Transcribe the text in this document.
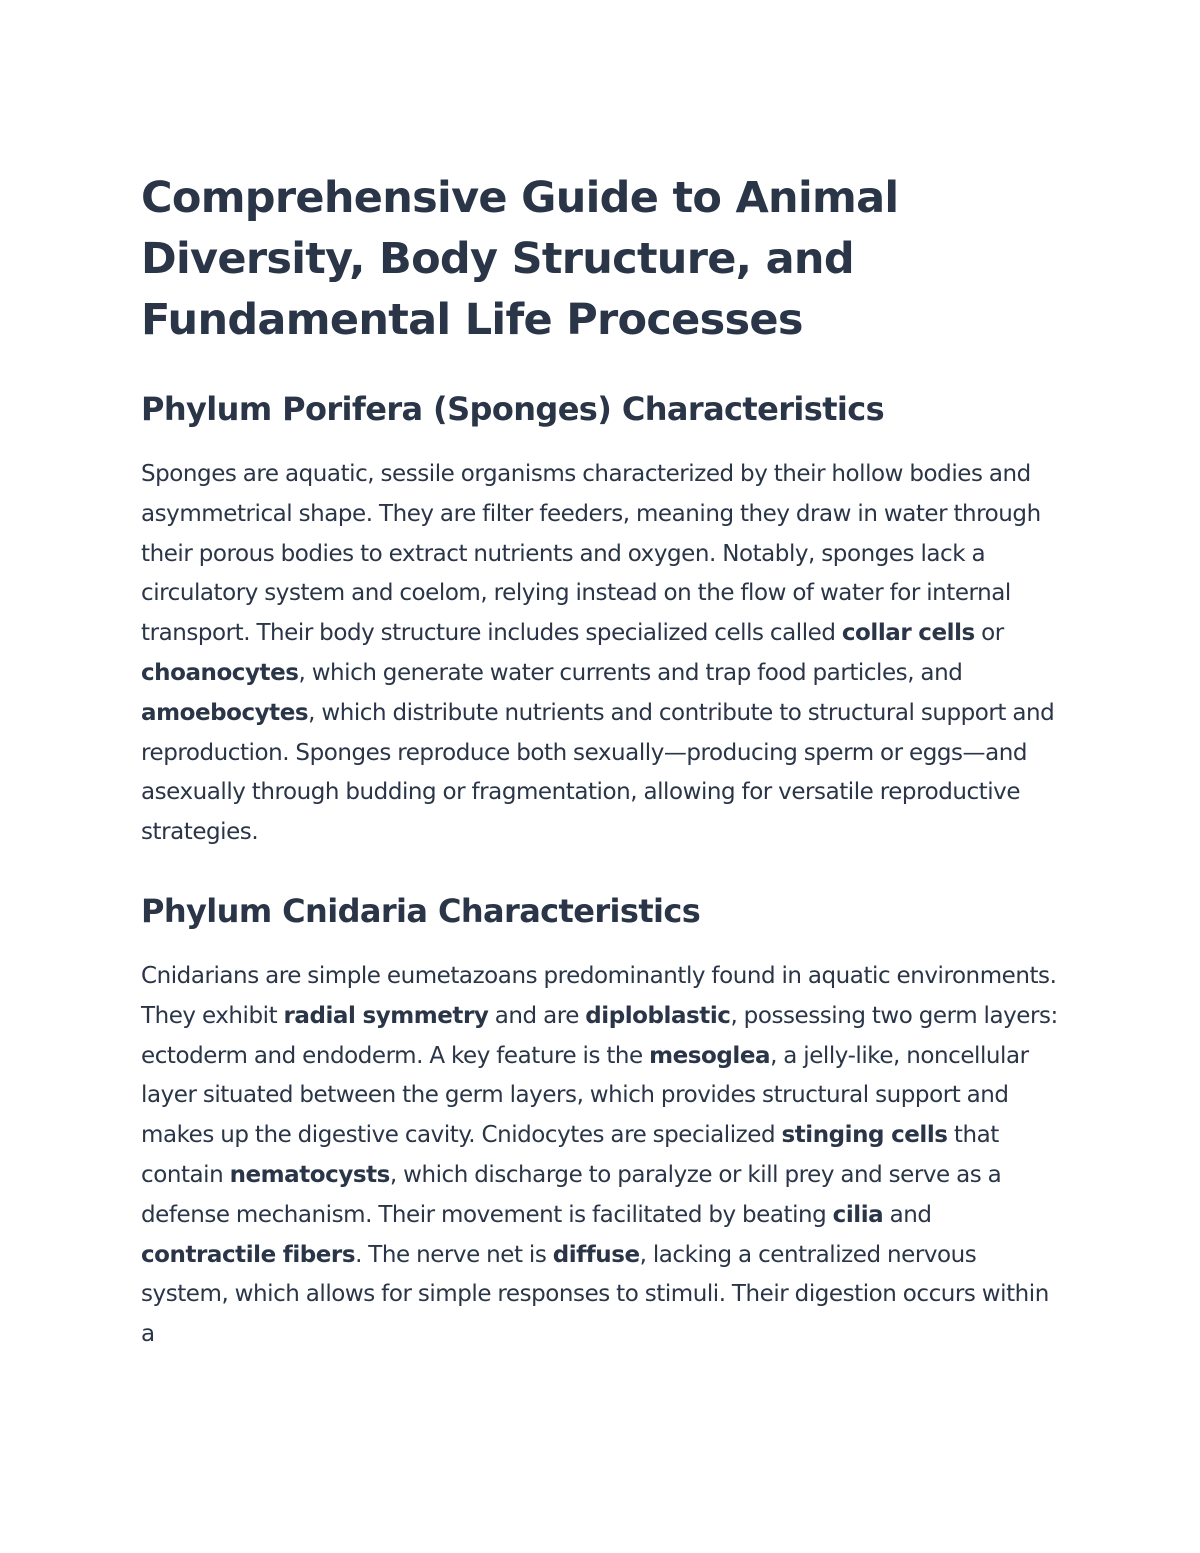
Comprehensive Guide to Animal Diversity, Body Structure, and Fundamental Life Processes
Phylum Porifera (Sponges) Characteristics

Sponges are aquatic, sessile organisms characterized by their hollow bodies and asymmetrical shape. They are filter feeders, meaning they draw in water through their porous bodies to extract nutrients and oxygen. Notably, sponges lack a circulatory system and coelom, relying instead on the flow of water for internal transport. Their body structure includes specialized cells called collar cells or choanocytes, which generate water currents and trap food particles, and amoebocytes, which distribute nutrients and contribute to structural support and reproduction. Sponges reproduce both sexually—producing sperm or eggs—and asexually through budding or fragmentation, allowing for versatile reproductive strategies.

Phylum Cnidaria Characteristics

Cnidarians are simple eumetazoans predominantly found in aquatic environments. They exhibit radial symmetry and are diploblastic, possessing two germ layers: ectoderm and endoderm. A key feature is the mesoglea, a jelly-like, noncellular layer situated between the germ layers, which provides structural support and makes up the digestive cavity. Cnidocytes are specialized stinging cells that contain nematocysts, which discharge to paralyze or kill prey and serve as a defense mechanism. Their movement is facilitated by beating cilia and contractile fibers. The nerve net is diffuse, lacking a centralized nervous system, which allows for simple responses to stimuli. Their digestion occurs within a
